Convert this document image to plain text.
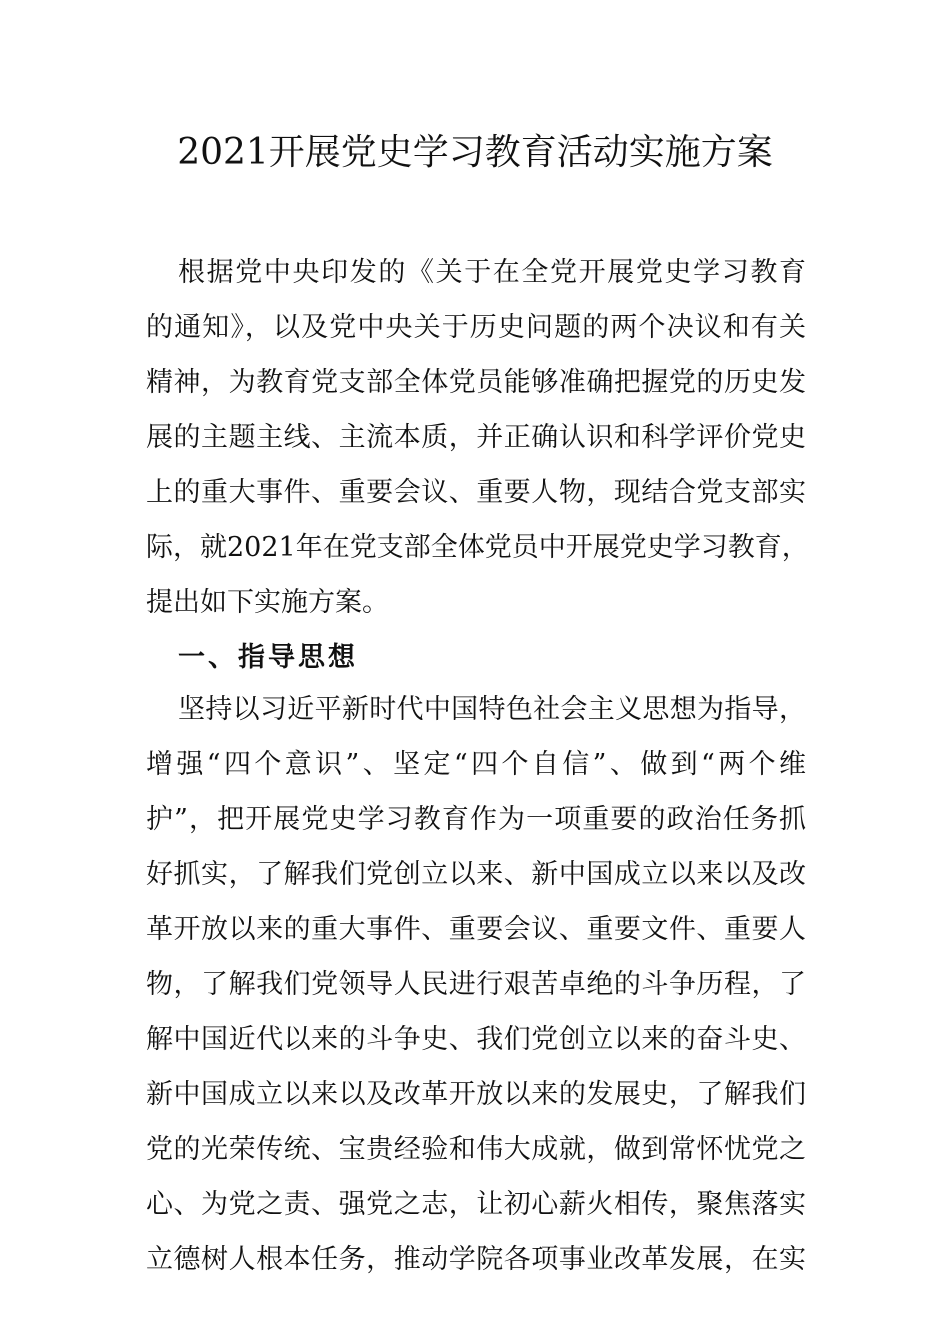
2021开展党史学习教育活动实施方案

根据党中央印发的《关于在全党开展党史学习教育

的通知》，以及党中央关于历史问题的两个决议和有关

精神，为教育党支部全体党员能够准确把握党的历史发

展的主题主线、主流本质，并正确认识和科学评价党史

上的重大事件、重要会议、重要人物，现结合党支部实

际，就2021年在党支部全体党员中开展党史学习教育，

提出如下实施方案。

一、指导思想

坚持以习近平新时代中国特色社会主义思想为指导，

增强“四个意识”、坚定“四个自信”、做到“两个维

护”，把开展党史学习教育作为一项重要的政治任务抓

好抓实，了解我们党创立以来、新中国成立以来以及改

革开放以来的重大事件、重要会议、重要文件、重要人

物，了解我们党领导人民进行艰苦卓绝的斗争历程，了

解中国近代以来的斗争史、我们党创立以来的奋斗史、

新中国成立以来以及改革开放以来的发展史，了解我们

党的光荣传统、宝贵经验和伟大成就，做到常怀忧党之

心、为党之责、强党之志，让初心薪火相传，聚焦落实

立德树人根本任务，推动学院各项事业改革发展，在实
